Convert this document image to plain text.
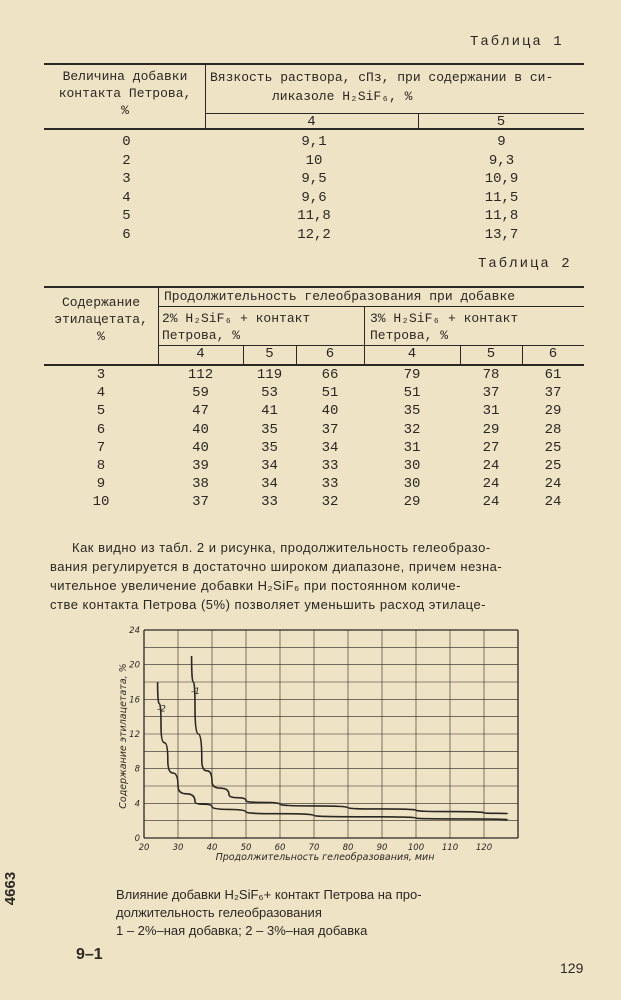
Таблица 1
Величина добавки
контакта Петрова,
%
Вязкость раствора, сПз, при содержании в си-
ликазоле H₂SiF₆, %
4	5
0	9,1	9
2	10	9,3
3	9,5	10,9
4	9,6	11,5
5	11,8	11,8
6	12,2	13,7
Таблица 2
Содержание
этилацетата,
%
Продолжительность гелеобразования при добавке
2% H₂SiF₆ + контакт
Петрова, %
3% H₂SiF₆ + контакт
Петрова, %
4	5	6	4	5	6
3	112	119	66	79	78	61
4	59	53	51	51	37	37
5	47	41	40	35	31	29
6	40	35	37	32	29	28
7	40	35	34	31	27	25
8	39	34	33	30	24	25
9	38	34	33	30	24	24
10	37	33	32	29	24	24
Как видно из табл. 2 и рисунка, продолжительность гелеобразо-
вания регулируется в достаточно широком диапазоне, причем незна-
чительное увеличение добавки H₂SiF₆ при постоянном количе-
стве контакта Петрова (5%) позволяет уменьшить расход этилаце-
20	30	40	50	60	70	80	90 100 110 120
0
4
8
12
16
20
24
-1
-2
Содержание этилацетата, %
Продолжительность гелеобразования, мин
Влияние добавки H₂SiF₆+ контакт Петрова на про-
должительность гелеобразования
1 – 2%–ная добавка; 2 – 3%–ная добавка
4663
9–1
129
